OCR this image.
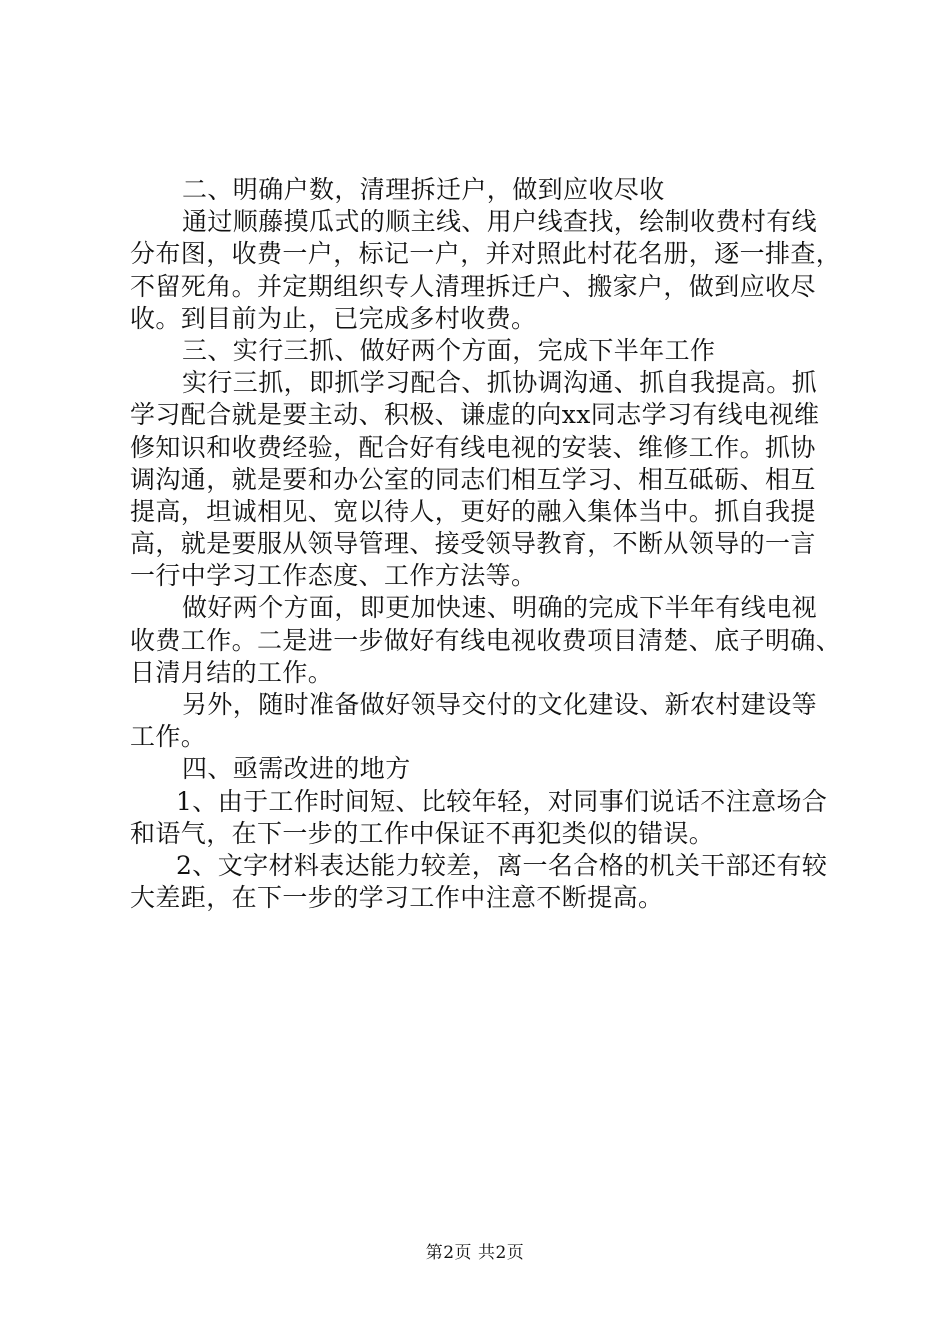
二、明确户数，清理拆迁户，做到应收尽收
通过顺藤摸瓜式的顺主线、用户线查找，绘制收费村有线
分布图，收费一户，标记一户，并对照此村花名册，逐一排查，
不留死角。并定期组织专人清理拆迁户、搬家户，做到应收尽
收。到目前为止，已完成多村收费。
三、实行三抓、做好两个方面，完成下半年工作
实行三抓，即抓学习配合、抓协调沟通、抓自我提高。抓
学习配合就是要主动、积极、谦虚的向xx同志学习有线电视维
修知识和收费经验，配合好有线电视的安装、维修工作。抓协
调沟通，就是要和办公室的同志们相互学习、相互砥砺、相互
提高，坦诚相见、宽以待人，更好的融入集体当中。抓自我提
高，就是要服从领导管理、接受领导教育，不断从领导的一言
一行中学习工作态度、工作方法等。
做好两个方面，即更加快速、明确的完成下半年有线电视
收费工作。二是进一步做好有线电视收费项目清楚、底子明确、
日清月结的工作。
另外，随时准备做好领导交付的文化建设、新农村建设等
工作。
四、亟需改进的地方
1、由于工作时间短、比较年轻，对同事们说话不注意场合
和语气，在下一步的工作中保证不再犯类似的错误。
2、文字材料表达能力较差，离一名合格的机关干部还有较
大差距，在下一步的学习工作中注意不断提高。
第2页 共2页
